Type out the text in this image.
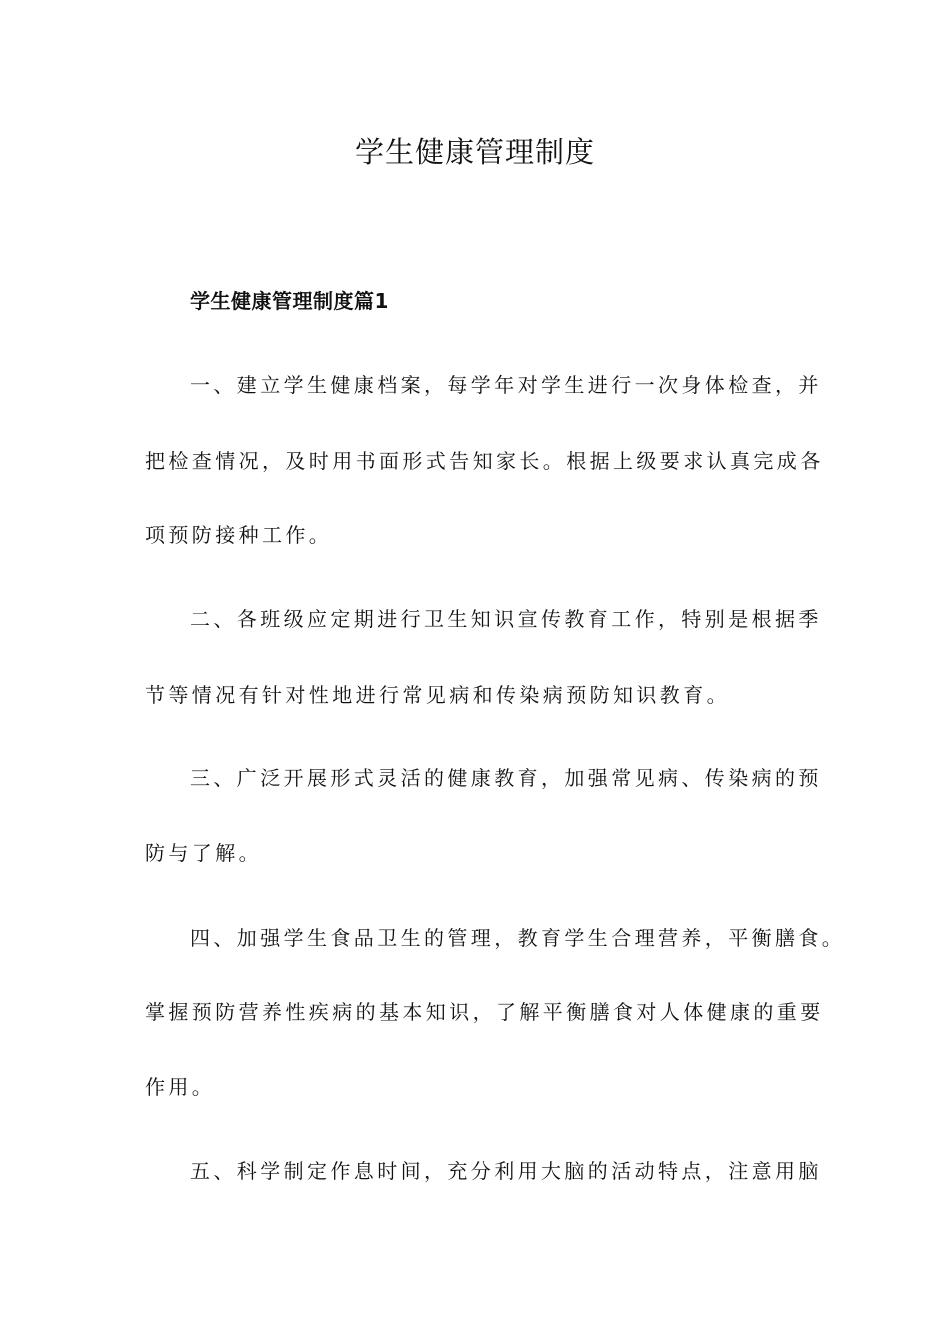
学生健康管理制度
学生健康管理制度篇1
一、建立学生健康档案，每学年对学生进行一次身体检查，并
把检查情况，及时用书面形式告知家长。根据上级要求认真完成各
项预防接种工作。
二、各班级应定期进行卫生知识宣传教育工作，特别是根据季
节等情况有针对性地进行常见病和传染病预防知识教育。
三、广泛开展形式灵活的健康教育，加强常见病、传染病的预
防与了解。
四、加强学生食品卫生的管理，教育学生合理营养，平衡膳食。
掌握预防营养性疾病的基本知识，了解平衡膳食对人体健康的重要
作用。
五、科学制定作息时间，充分利用大脑的活动特点，注意用脑
